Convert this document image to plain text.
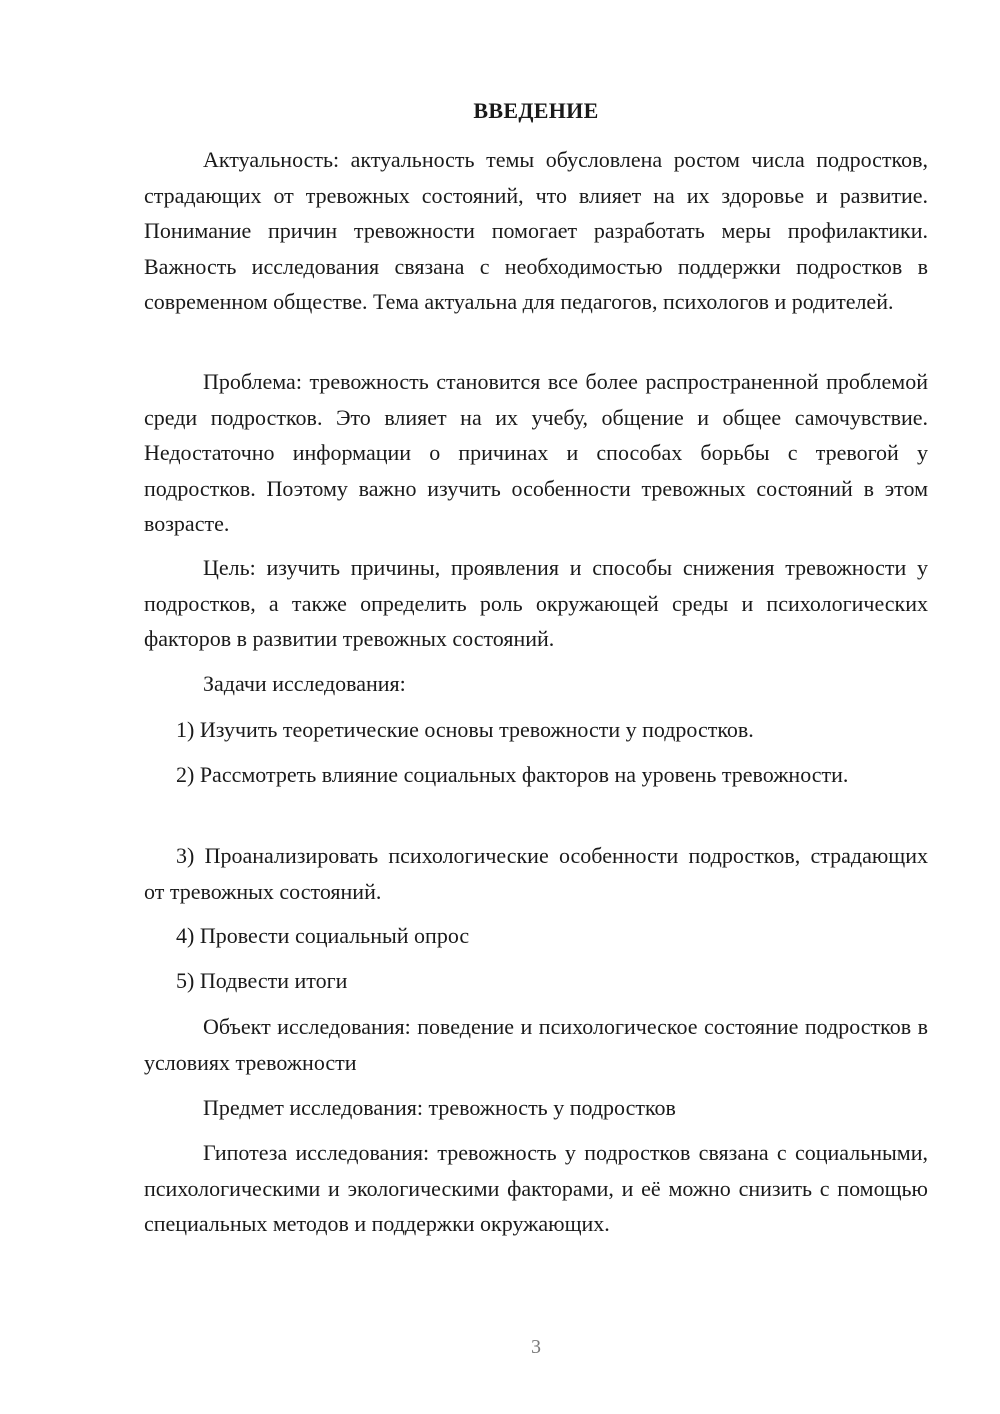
ВВЕДЕНИЕ

Актуальность: актуальность темы обусловлена ростом числа подростков, страдающих от тревожных состояний, что влияет на их здоровье и развитие. Понимание причин тревожности помогает разработать меры профилактики. Важность исследования связана с необходимостью поддержки подростков в современном обществе. Тема актуальна для педагогов, психологов и родителей.

Проблема: тревожность становится все более распространенной проблемой среди подростков. Это влияет на их учебу, общение и общее самочувствие. Недостаточно информации о причинах и способах борьбы с тревогой у подростков. Поэтому важно изучить особенности тревожных состояний в этом возрасте.

Цель: изучить причины, проявления и способы снижения тревожности у подростков, а также определить роль окружающей среды и психологических факторов в развитии тревожных состояний.

Задачи исследования:

1) Изучить теоретические основы тревожности у подростков.

2) Рассмотреть влияние социальных факторов на уровень тревожности.

3) Проанализировать психологические особенности подростков, страдающих от тревожных состояний.

4) Провести социальный опрос

5) Подвести итоги

Объект исследования: поведение и психологическое состояние подростков в условиях тревожности

Предмет исследования: тревожность у подростков

Гипотеза исследования: тревожность у подростков связана с социальными, психологическими и экологическими факторами, и её можно снизить с помощью специальных методов и поддержки окружающих.

3
